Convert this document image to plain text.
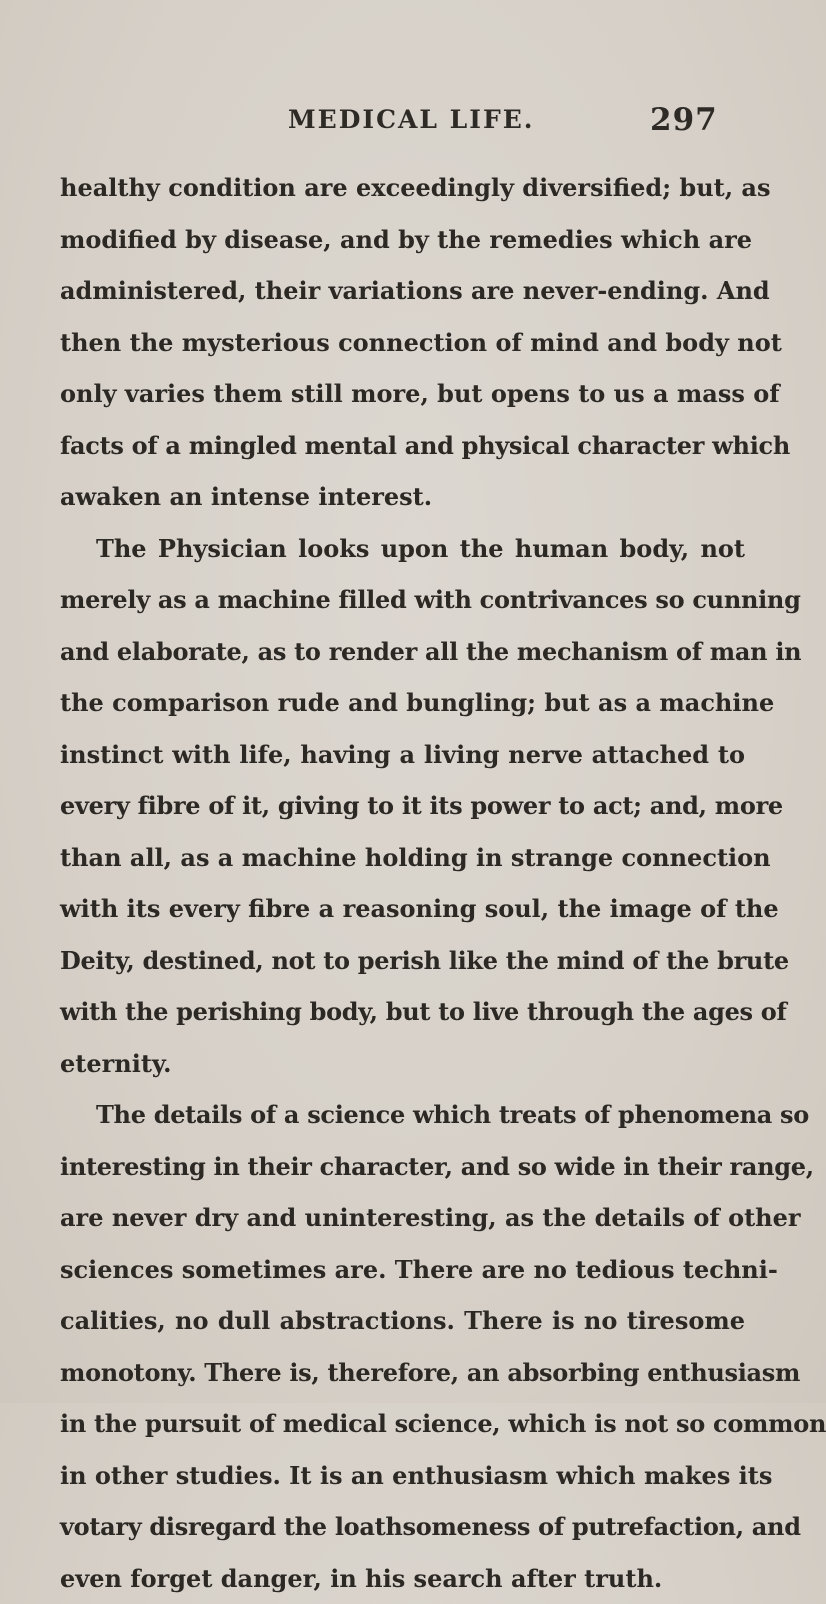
MEDICAL LIFE.	297
healthy condition are exceedingly diversified; but, as
modified by disease, and by the remedies which are
administered, their variations are never-ending. And
then the mysterious connection of mind and body not
only varies them still more, but opens to us a mass of
facts of a mingled mental and physical character which
awaken an intense interest.
The Physician looks upon the human body, not
merely as a machine filled with contrivances so cunning
and elaborate, as to render all the mechanism of man in
the comparison rude and bungling; but as a machine
instinct with life, having a living nerve attached to
every fibre of it, giving to it its power to act; and, more
than all, as a machine holding in strange connection
with its every fibre a reasoning soul, the image of the
Deity, destined, not to perish like the mind of the brute
with the perishing body, but to live through the ages of
eternity.
The details of a science which treats of phenomena so
interesting in their character, and so wide in their range,
are never dry and uninteresting, as the details of other
sciences sometimes are. There are no tedious techni-
calities, no dull abstractions. There is no tiresome
monotony. There is, therefore, an absorbing enthusiasm
in the pursuit of medical science, which is not so common
in other studies. It is an enthusiasm which makes its
votary disregard the loathsomeness of putrefaction, and
even forget danger, in his search after truth.
